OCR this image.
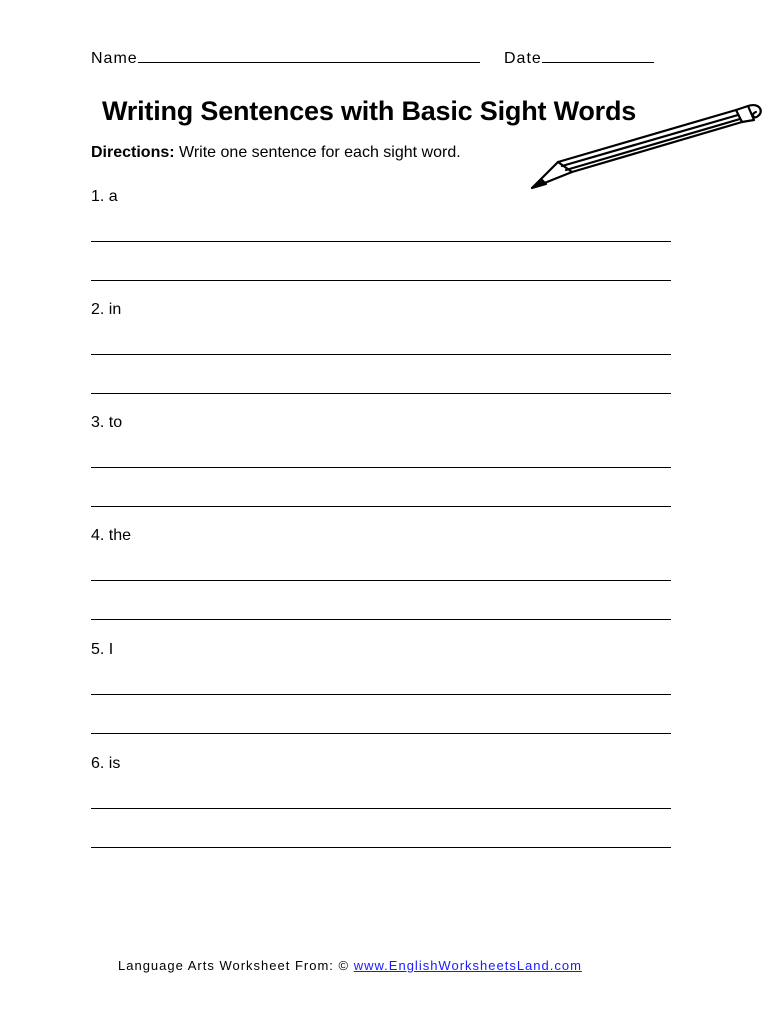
Name	Date
Writing Sentences with Basic Sight Words
Directions: Write one sentence for each sight word.
1. a
2. in
3. to
4. the
5. I
6. is
Language Arts Worksheet From: © www.EnglishWorksheetsLand.com
